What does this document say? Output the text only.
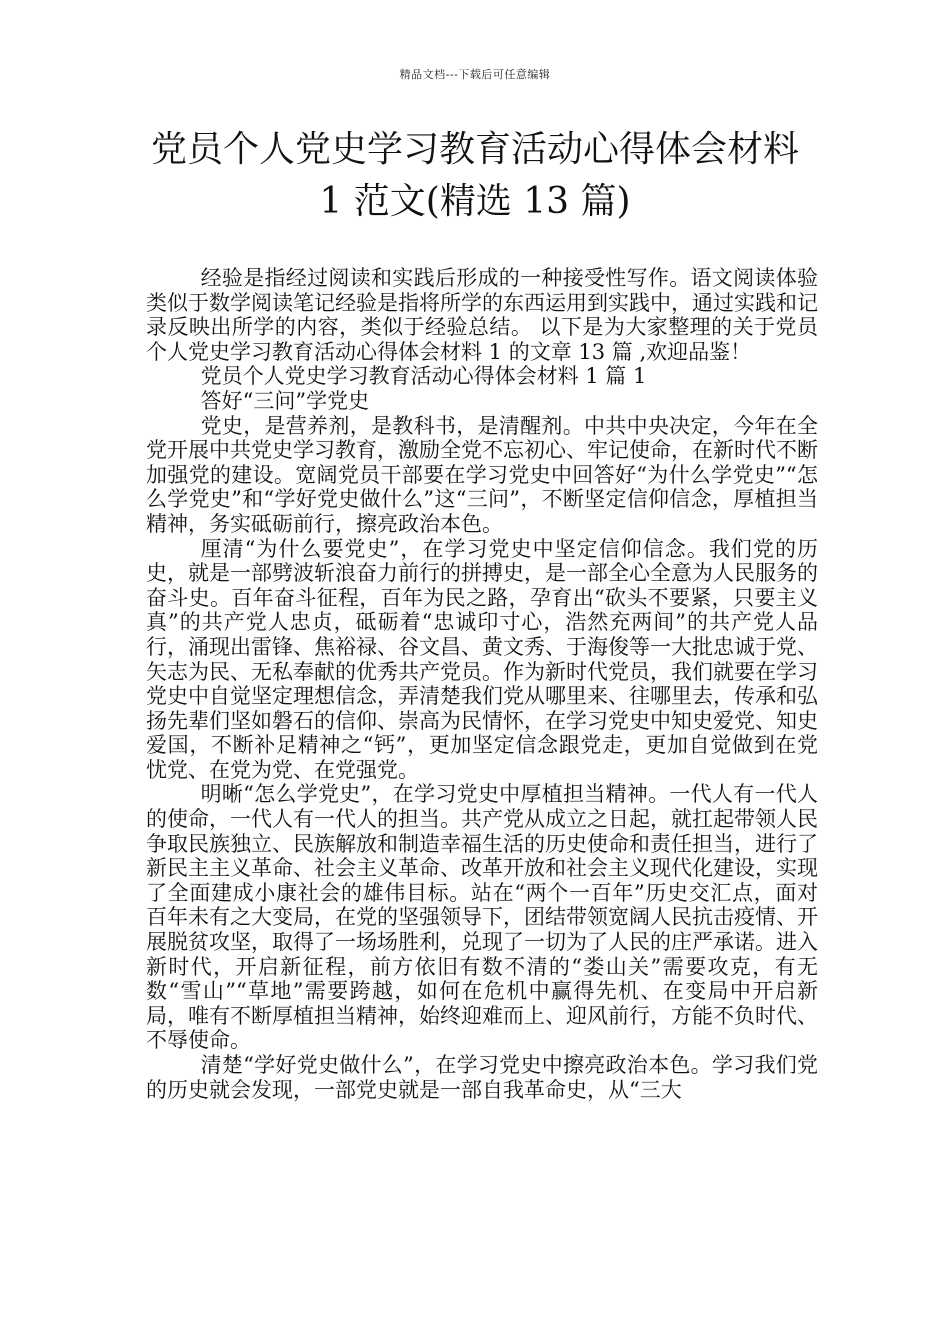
精品文档---下载后可任意编辑
党员个人党史学习教育活动心得体会材料 1 范文(精选 13 篇)

经验是指经过阅读和实践后形成的一种接受性写作。语文阅读体验类似于数学阅读笔记经验是指将所学的东西运用到实践中，通过实践和记录反映出所学的内容，类似于经验总结。 以下是为大家整理的关于党员个人党史学习教育活动心得体会材料 1 的文章 13 篇 ,欢迎品鉴！

党员个人党史学习教育活动心得体会材料 1 篇 1

答好“三问”学党史

党史，是营养剂，是教科书，是清醒剂。中共中央决定，今年在全党开展中共党史学习教育，激励全党不忘初心、牢记使命，在新时代不断加强党的建设。宽阔党员干部要在学习党史中回答好“为什么学党史”“怎么学党史”和“学好党史做什么”这“三问”，不断坚定信仰信念，厚植担当精神，务实砥砺前行，擦亮政治本色。

厘清“为什么要党史”，在学习党史中坚定信仰信念。我们党的历史，就是一部劈波斩浪奋力前行的拼搏史，是一部全心全意为人民服务的奋斗史。百年奋斗征程，百年为民之路，孕育出“砍头不要紧，只要主义真”的共产党人忠贞，砥砺着“忠诚印寸心，浩然充两间”的共产党人品行，涌现出雷锋、焦裕禄、谷文昌、黄文秀、于海俊等一大批忠诚于党、矢志为民、无私奉献的优秀共产党员。作为新时代党员，我们就要在学习党史中自觉坚定理想信念，弄清楚我们党从哪里来、往哪里去，传承和弘扬先辈们坚如磐石的信仰、崇高为民情怀，在学习党史中知史爱党、知史爱国，不断补足精神之“钙”，更加坚定信念跟党走，更加自觉做到在党忧党、在党为党、在党强党。

明晰“怎么学党史”，在学习党史中厚植担当精神。一代人有一代人的使命，一代人有一代人的担当。共产党从成立之日起，就扛起带领人民争取民族独立、民族解放和制造幸福生活的历史使命和责任担当，进行了新民主主义革命、社会主义革命、改革开放和社会主义现代化建设，实现了全面建成小康社会的雄伟目标。站在“两个一百年”历史交汇点，面对百年未有之大变局，在党的坚强领导下，团结带领宽阔人民抗击疫情、开展脱贫攻坚，取得了一场场胜利，兑现了一切为了人民的庄严承诺。进入新时代，开启新征程，前方依旧有数不清的“娄山关”需要攻克，有无数“雪山”“草地”需要跨越，如何在危机中赢得先机、在变局中开启新局，唯有不断厚植担当精神，始终迎难而上、迎风前行，方能不负时代、不辱使命。

清楚“学好党史做什么”，在学习党史中擦亮政治本色。学习我们党的历史就会发现，一部党史就是一部自我革命史，从“三大
